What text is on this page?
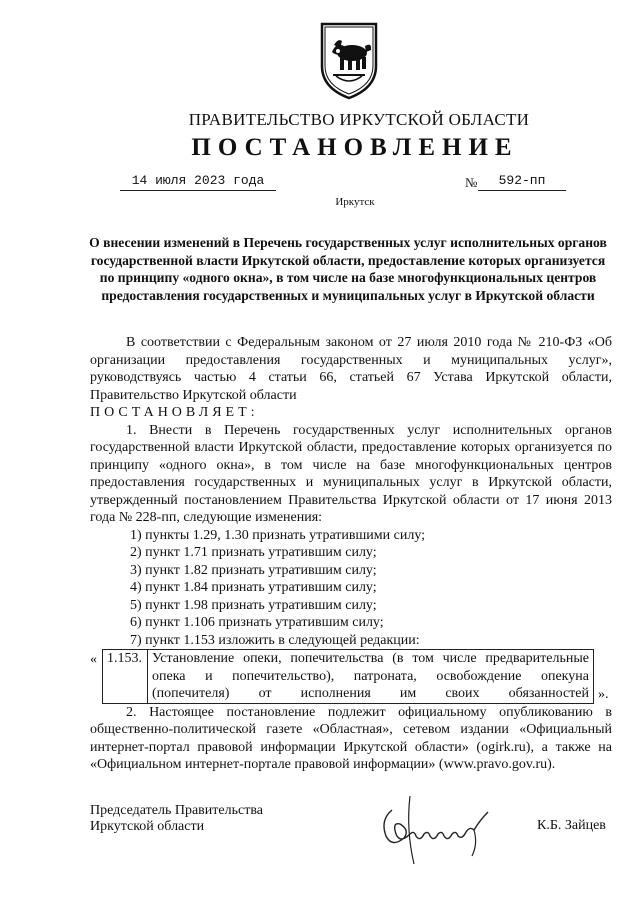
ПРАВИТЕЛЬСТВО ИРКУТСКОЙ ОБЛАСТИ
ПОСТАНОВЛЕНИЕ
14 июля 2023 года	№	592-пп
Иркутск
О внесении изменений в Перечень государственных услуг исполнительных органов государственной власти Иркутской области, предоставление которых организуется по принципу «одного окна», в том числе на базе многофункциональных центров предоставления государственных и муниципальных услуг в Иркутской области

В соответствии с Федеральным законом от 27 июля 2010 года № 210-ФЗ «Об организации предоставления государственных и муниципальных услуг», руководствуясь частью 4 статьи 66, статьей 67 Устава Иркутской области, Правительство Иркутской области

ПОСТАНОВЛЯЕТ:

1. Внести в Перечень государственных услуг исполнительных органов государственной власти Иркутской области, предоставление которых организуется по принципу «одного окна», в том числе на базе многофункциональных центров предоставления государственных и муниципальных услуг в Иркутской области, утвержденный постановлением Правительства Иркутской области от 17 июня 2013 года № 228-пп, следующие изменения:

1) пункты 1.29, 1.30 признать утратившими силу;

2) пункт 1.71 признать утратившим силу;

3) пункт 1.82 признать утратившим силу;

4) пункт 1.84 признать утратившим силу;

5) пункт 1.98 признать утратившим силу;

6) пункт 1.106 признать утратившим силу;

7) пункт 1.153 изложить в следующей редакции:

« 1.153.	Установление опеки, попечительства (в том числе предварительные опека и попечительство), патроната, освобождение опекуна (попечителя) от исполнения им своих обязанностей ».

2. Настоящее постановление подлежит официальному опубликованию в общественно-политической газете «Областная», сетевом издании «Официальный интернет-портал правовой информации Иркутской области» (ogirk.ru), а также на «Официальном интернет-портале правовой информации» (www.pravo.gov.ru).

Председатель Правительства
Иркутской области	К.Б. Зайцев
